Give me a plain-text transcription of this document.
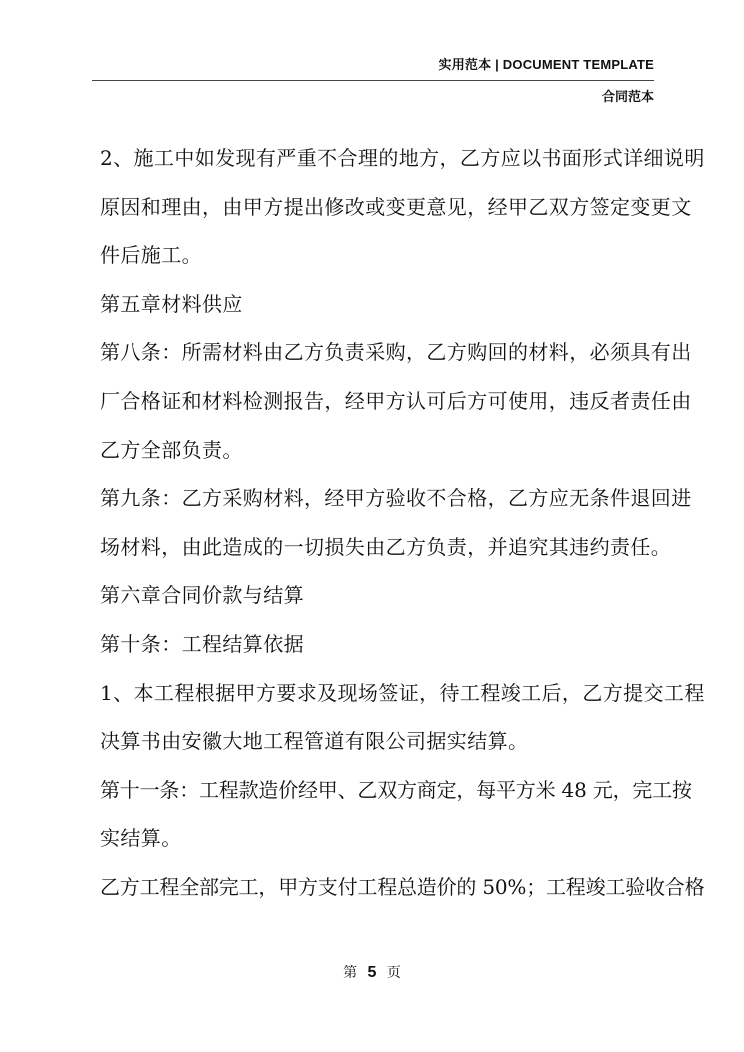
实用范本 | DOCUMENT TEMPLATE
合同范本
2、施工中如发现有严重不合理的地方，乙方应以书面形式详细说明
原因和理由，由甲方提出修改或变更意见，经甲乙双方签定变更文
件后施工。
第五章材料供应
第八条：所需材料由乙方负责采购，乙方购回的材料，必须具有出
厂合格证和材料检测报告，经甲方认可后方可使用，违反者责任由
乙方全部负责。
第九条：乙方采购材料，经甲方验收不合格，乙方应无条件退回进
场材料，由此造成的一切损失由乙方负责，并追究其违约责任。
第六章合同价款与结算
第十条：工程结算依据
1、本工程根据甲方要求及现场签证，待工程竣工后，乙方提交工程
决算书由安徽大地工程管道有限公司据实结算。
第十一条：工程款造价经甲、乙双方商定，每平方米 48 元，完工按
实结算。
乙方工程全部完工，甲方支付工程总造价的 50%；工程竣工验收合格
第 5 页
